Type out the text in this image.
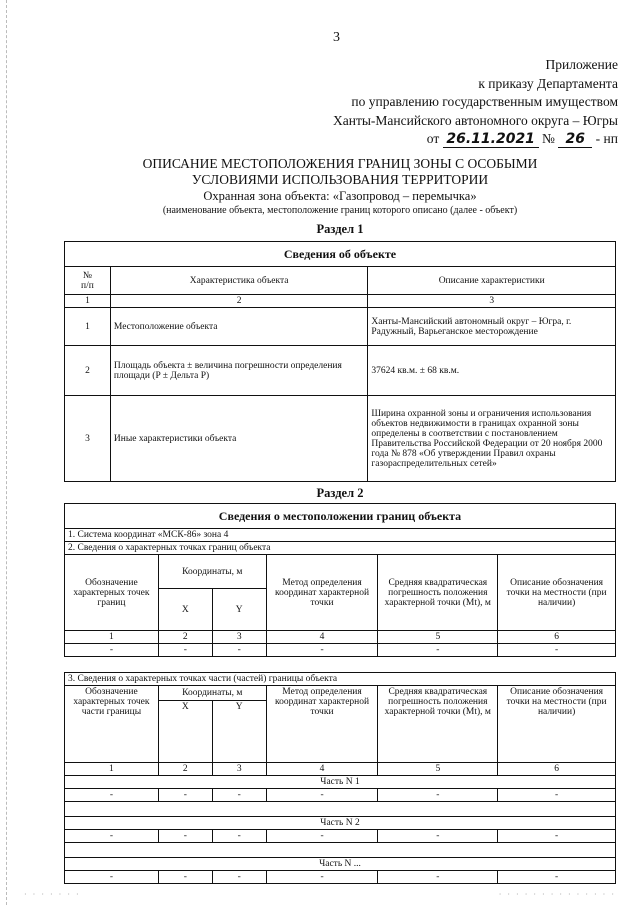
3
Приложение
к приказу Департамента
по управлению государственным имуществом
Ханты-Мансийского автономного округа – Югры
от 26.11.2021 № 26 - нп
ОПИСАНИЕ МЕСТОПОЛОЖЕНИЯ ГРАНИЦ ЗОНЫ С ОСОБЫМИ
УСЛОВИЯМИ ИСПОЛЬЗОВАНИЯ ТЕРРИТОРИИ
Охранная зона объекта: «Газопровод – перемычка»
(наименование объекта, местоположение границ которого описано (далее - объект)
Раздел 1
Сведения об объекте		
№
п/п	Характеристика объекта	Описание характеристики
1	2	3
1	Местоположение объекта	Ханты-Мансийский автономный округ – Югра, г. Радужный, Варьеганское месторождение
2	Площадь объекта ± величина погрешности определения площади (P ± Дельта P)	37624 кв.м. ± 68 кв.м.
3	Иные характеристики объекта	Ширина охранной зоны и ограничения использования объектов недвижимости в границах охранной зоны определены в соответствии с постановлением Правительства Российской Федерации от 20 ноября 2000 года № 878 «Об утверждении Правил охраны газораспределительных сетей»
Раздел 2
Сведения о местоположении границ объекта					
1. Система координат «МСК-86» зона 4					
2. Сведения о характерных точках границ объекта					
Обозначение характерных точек границ	Координаты, м		Метод определения координат характерной точки	Средняя квадратическая погрешность положения характерной точки (Mt), м	Описание обозначения точки на местности (при наличии)
	X	Y			
1	2	3	4	5	6
-	-	-	-	-	-
3. Сведения о характерных точках части (частей) границы объекта					
Обозначение характерных точек части границы	Координаты, м		Метод определения координат характерной точки	Средняя квадратическая погрешность положения характерной точки (Mt), м	Описание обозначения точки на местности (при наличии)
	X	Y			
1	2	3	4	5	6
Часть N 1					
-	-	-	-	-	-

Часть N 2					
-	-	-	-	-	-

Часть N ...					
-	-	-	-	-	-
· · · · · · ·	· · · · · · · · · · · · · ·
